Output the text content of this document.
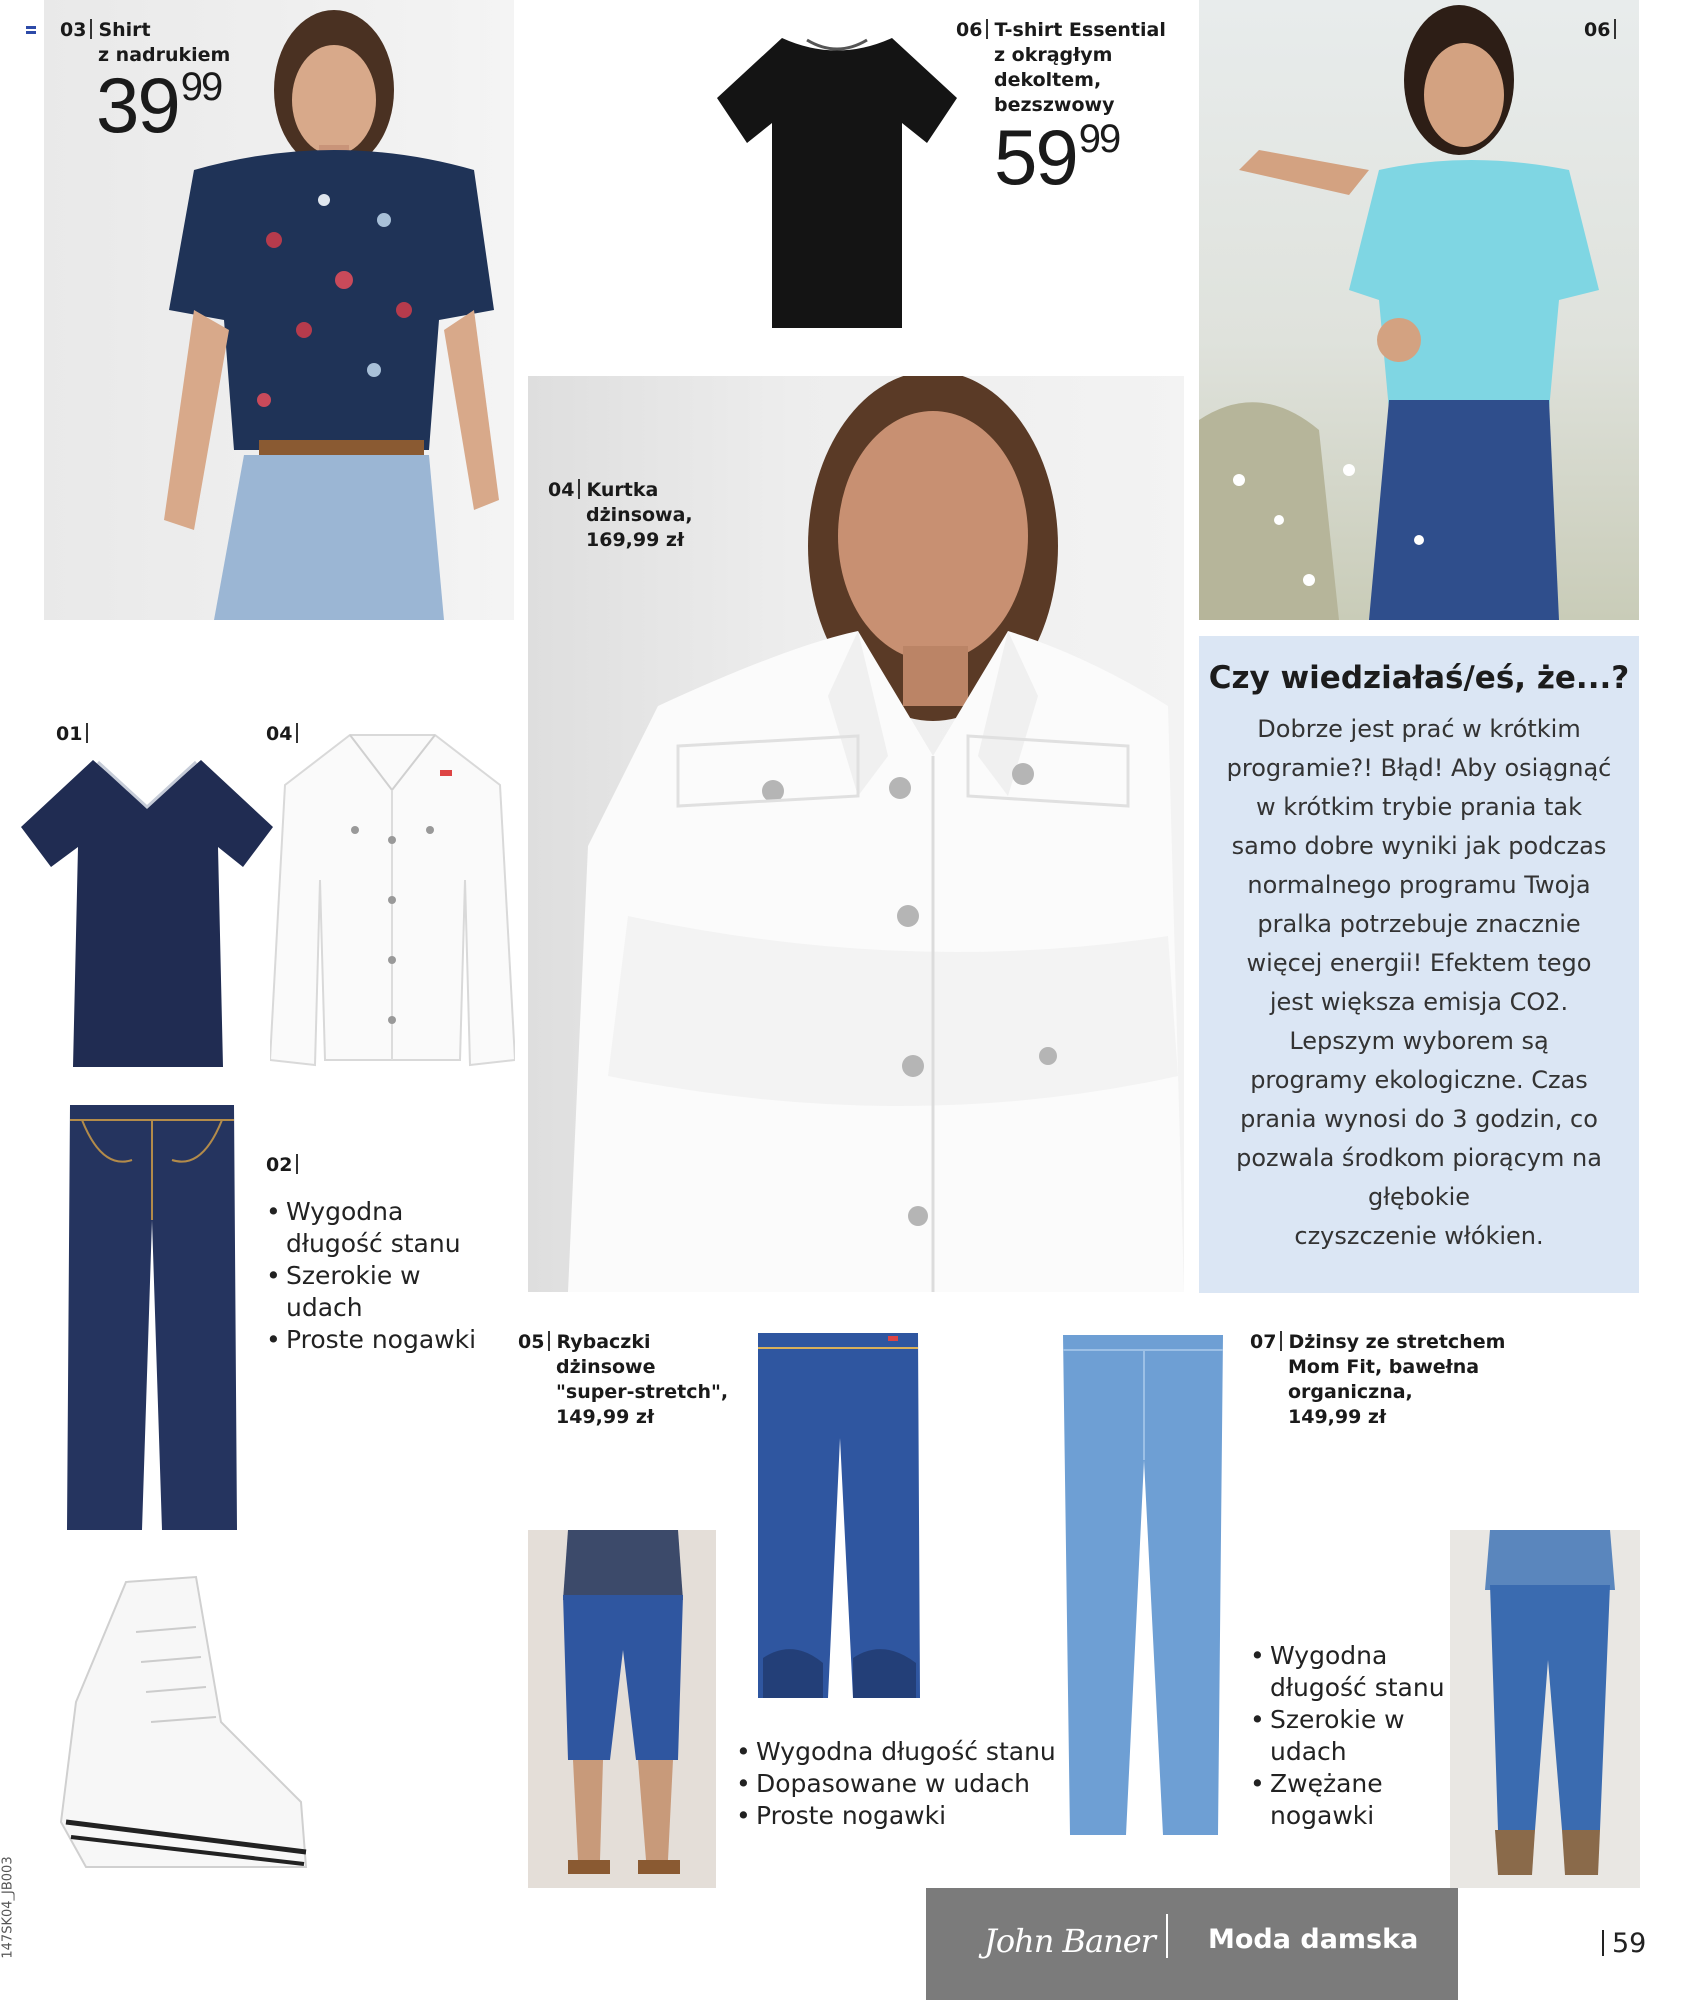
03 Shirt
z nadrukiem
3999
06 T-shirt Essential
z okrągłym
dekoltem,
bezszwowy
5999
06
04 Kurtka
dżinsowa,
169,99 zł
Czy wiedziałaś/eś, że...?
Dobrze jest prać w krótkim
programie?! Błąd! Aby osiągnąć
w krótkim trybie prania tak
samo dobre wyniki jak podczas
normalnego programu Twoja
pralka potrzebuje znacznie
więcej energii! Efektem tego
jest większa emisja CO2.
Lepszym wyborem są
programy ekologiczne. Czas
prania wynosi do 3 godzin, co
pozwala środkom piorącym na
głębokie
czyszczenie włókien.
01	04
02
• Wygodna
długość stanu
• Szerokie w
udach
• Proste nogawki 05 Rybaczki
dżinsowe
"super-stretch",
149,99 zł
• Wygodna długość stanu
• Dopasowane w udach
• Proste nogawki
07 Dżinsy ze stretchem
Mom Fit, bawełna
organiczna,
149,99 zł
• Wygodna
długość stanu
• Szerokie w
udach
• Zwężane
nogawki
John Baner Moda damska	59
147SK04_JB003
